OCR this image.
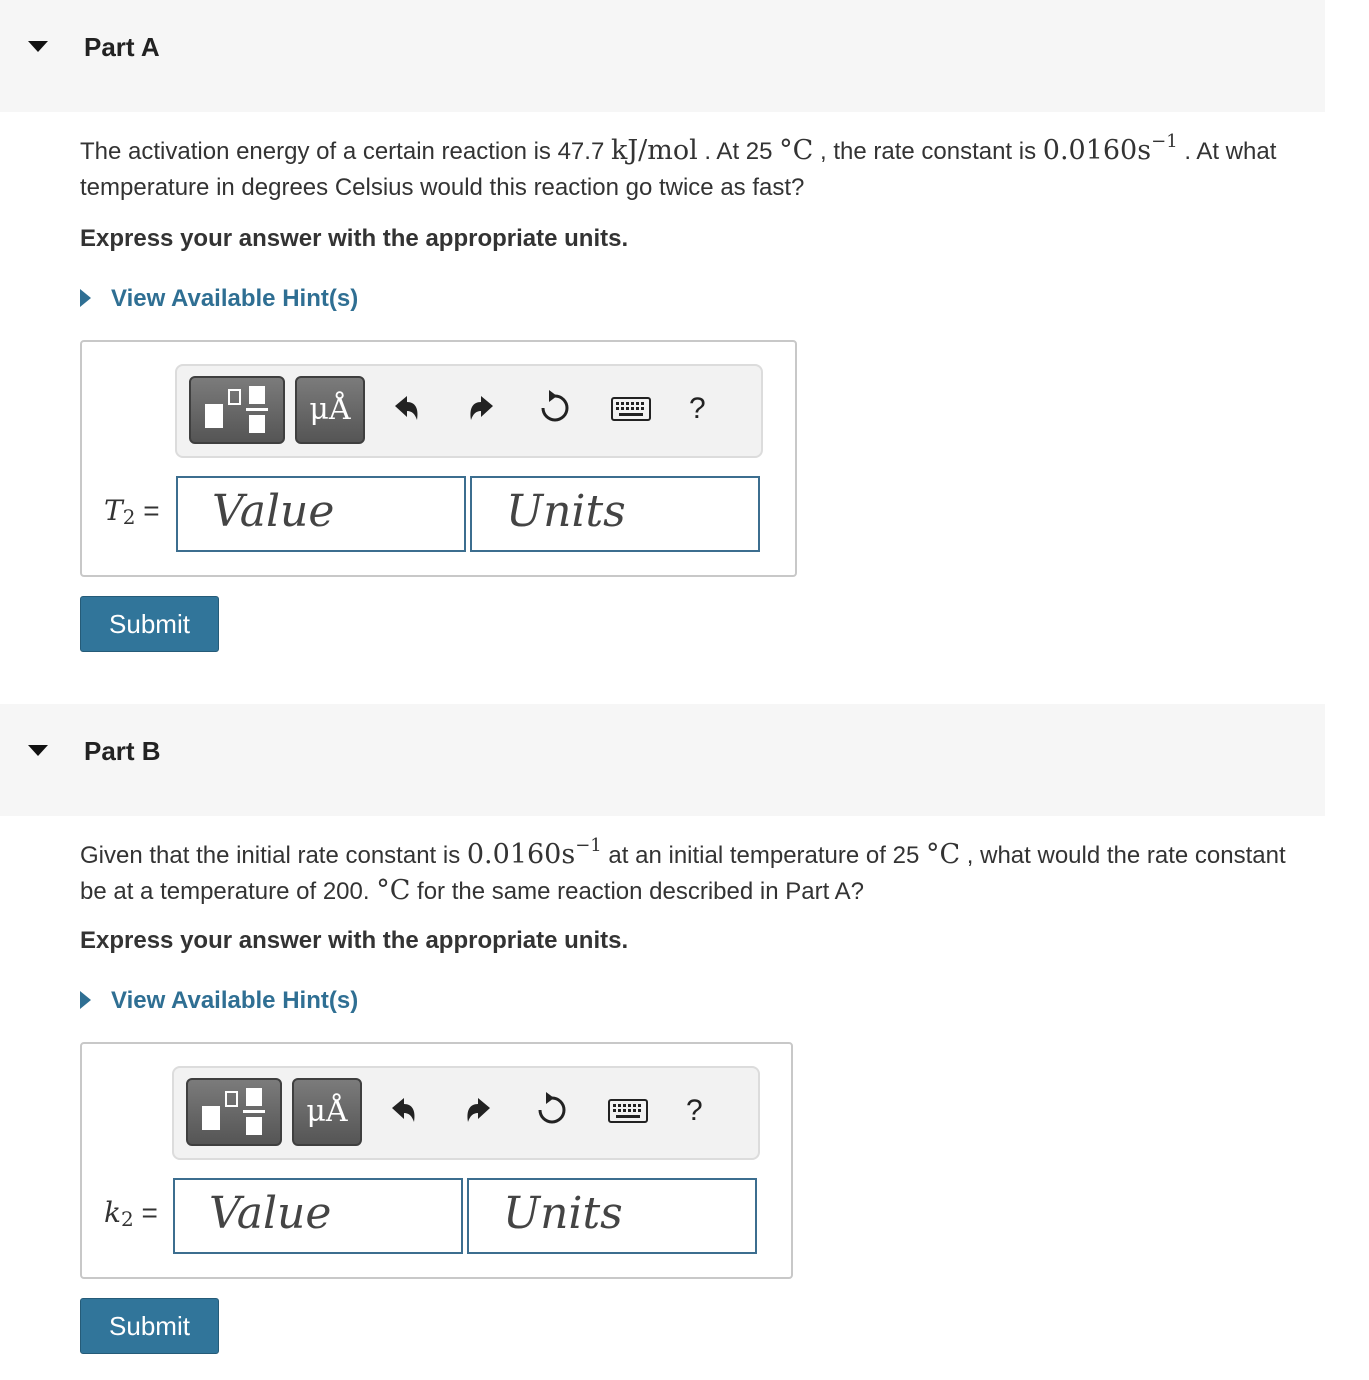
Part A
The activation energy of a certain reaction is 47.7 kJ/mol . At 25 °C , the rate constant is $0.0160s^{-1}$ . At what temperature in degrees Celsius would this reaction go twice as fast?
Express your answer with the appropriate units.
View Available Hint(s)
μÅ	?
T2 =	Value	Units
Submit
Part B
Given that the initial rate constant is $0.0160s^{-1}$ at an initial temperature of 25 °C , what would the rate constant be at a temperature of 200. °C for the same reaction described in Part A?
Express your answer with the appropriate units.
View Available Hint(s)
μÅ	?
k2 =	Value	Units
Submit
